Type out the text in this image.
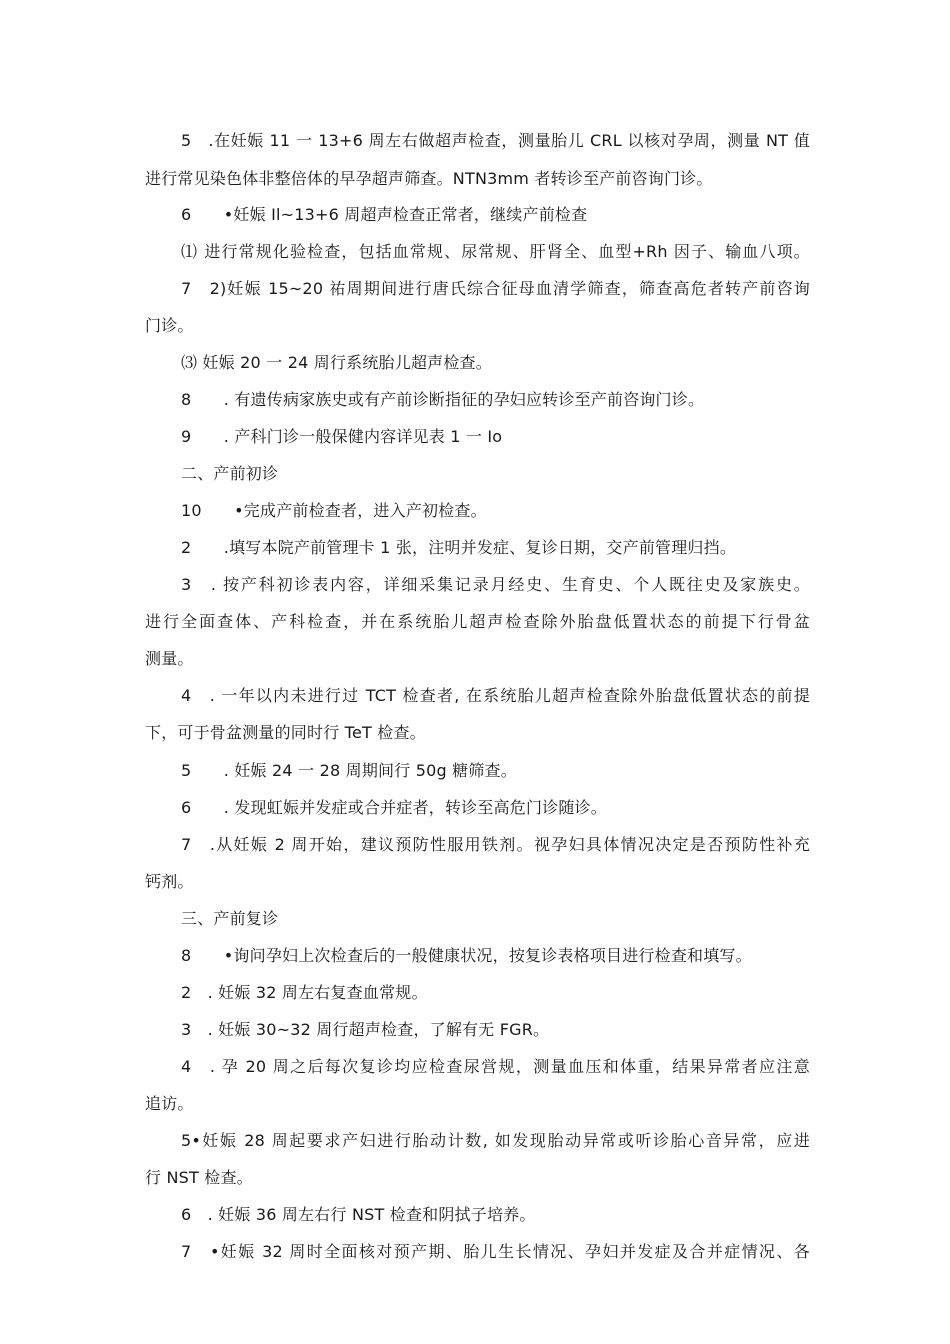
5　.在妊娠 11 一 13+6 周左右做超声检查，测量胎儿 CRL 以核对孕周，测量 NT 值
进行常见染色体非整倍体的早孕超声筛查。NTN3mm 者转诊至产前咨询门诊。
6　　•妊娠 Il~13+6 周超声检查正常者，继续产前检查
⑴ 进行常规化验检查，包括血常规、尿常规、肝肾全、血型+Rh 因子、输血八项。
7　2)妊娠 15~20 祐周期间进行唐氏综合征母血清学筛查，筛查高危者转产前咨询
门诊。
⑶ 妊娠 20 一 24 周行系统胎儿超声检查。
8　　. 有遗传病家族史或有产前诊断指征的孕妇应转诊至产前咨询门诊。
9　　. 产科门诊一般保健内容详见表 1 一 Io
二、产前初诊
10　　•完成产前检查者，进入产初检查。
2　　.填写本院产前管理卡 1 张，注明并发症、复诊日期，交产前管理归挡。
3　. 按产科初诊表内容，详细采集记录月经史、生育史、个人既往史及家族史。
进行全面查体、产科检查，并在系统胎儿超声检查除外胎盘低置状态的前提下行骨盆
测量。
4　. 一年以内未进行过 TCT 检查者, 在系统胎儿超声检查除外胎盘低置状态的前提
下，可于骨盆测量的同时行 TeT 检查。
5　　. 妊娠 24 一 28 周期间行 50g 糖筛查。
6　　. 发现虹娠并发症或合并症者，转诊至高危门诊随诊。
7　.从妊娠 2 周开始，建议预防性服用铁剂。视孕妇具体情况决定是否预防性补充
钙剂。
三、产前复诊
8　　•询问孕妇上次检查后的一般健康状况，按复诊表格项目进行检查和填写。
2　. 妊娠 32 周左右复查血常规。
3　. 妊娠 30~32 周行超声检查，了解有无 FGR。
4　. 孕 20 周之后每次复诊均应检查尿営规，测量血压和体重，结果异常者应注意
追访。
5•妊娠 28 周起要求产妇进行胎动计数, 如发现胎动异常或听诊胎心音异常，应进
行 NST 检查。
6　. 妊娠 36 周左右行 NST 检查和阴拭子培养。
7　•妊娠 32 周时全面核对预产期、胎儿生长情况、孕妇并发症及合并症情况、各
